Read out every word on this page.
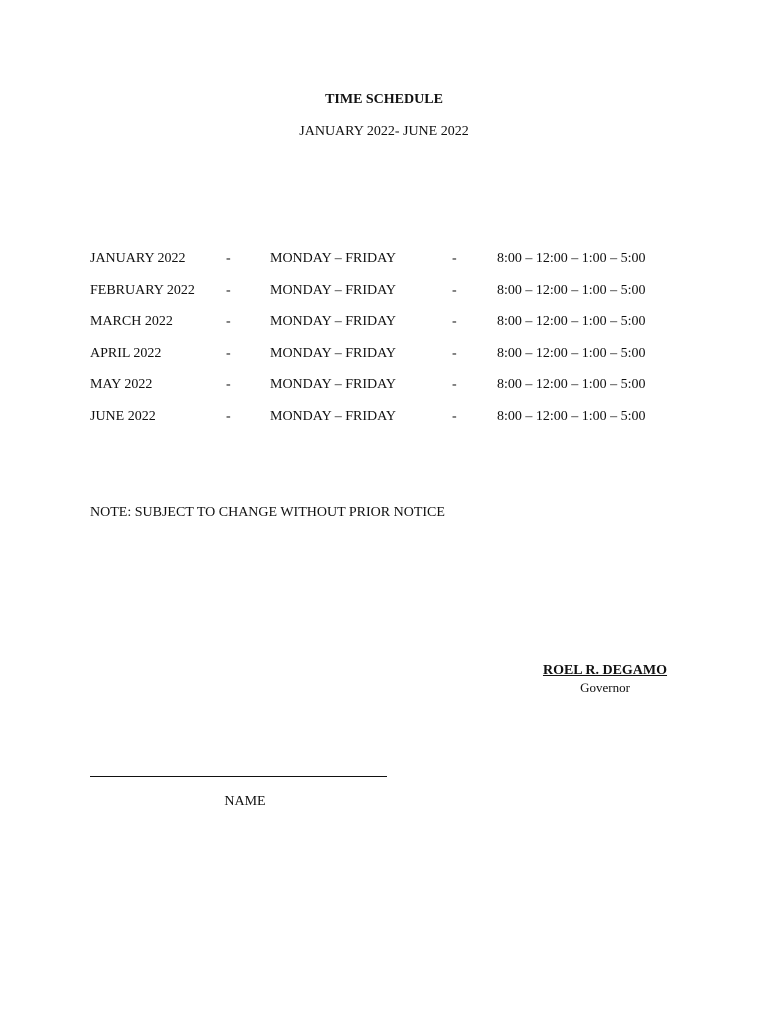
TIME SCHEDULE
JANUARY 2022- JUNE 2022
JANUARY 2022	-	MONDAY – FRIDAY	-	8:00 – 12:00 – 1:00 – 5:00
FEBRUARY 2022 -	MONDAY – FRIDAY	-	8:00 – 12:00 – 1:00 – 5:00
MARCH 2022	-	MONDAY – FRIDAY	-	8:00 – 12:00 – 1:00 – 5:00
APRIL 2022	-	MONDAY – FRIDAY	-	8:00 – 12:00 – 1:00 – 5:00
MAY 2022	-	MONDAY – FRIDAY	-	8:00 – 12:00 – 1:00 – 5:00
JUNE 2022	-	MONDAY – FRIDAY	-	8:00 – 12:00 – 1:00 – 5:00
NOTE: SUBJECT TO CHANGE WITHOUT PRIOR NOTICE
ROEL R. DEGAMO
Governor
NAME
